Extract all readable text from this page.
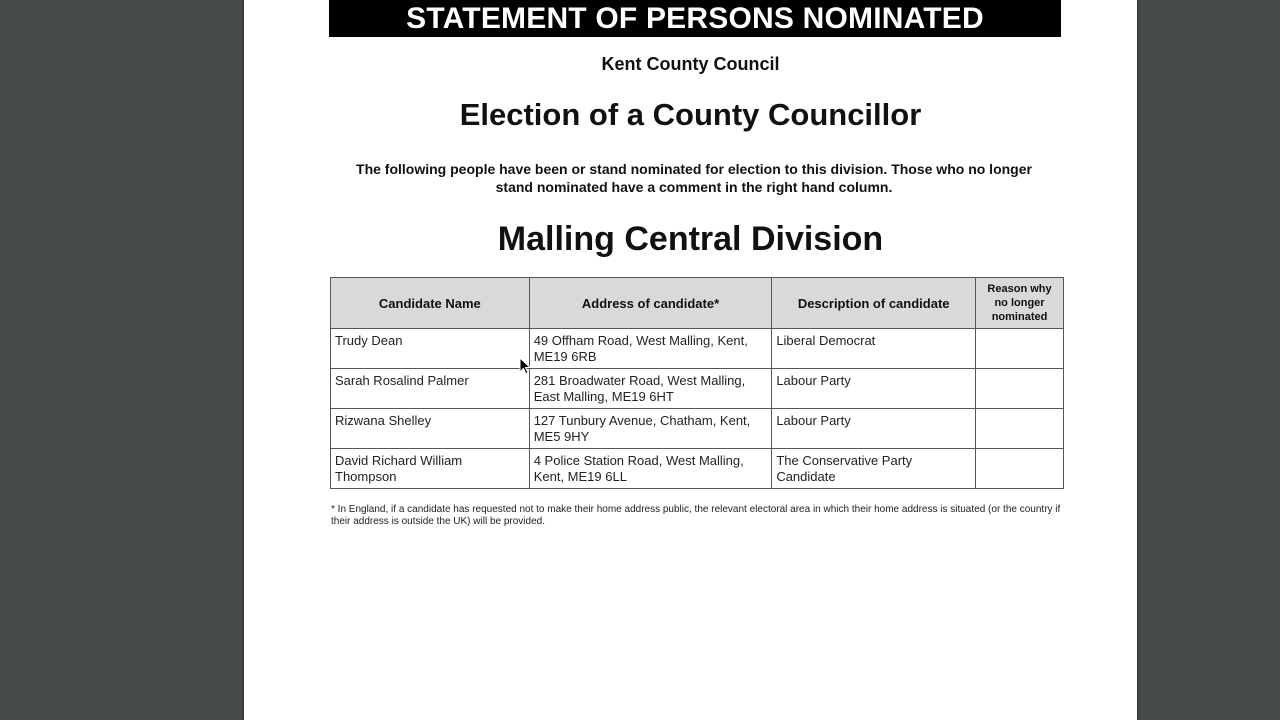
STATEMENT OF PERSONS NOMINATED
Kent County Council
Election of a County Councillor
The following people have been or stand nominated for election to this division. Those who no longer stand nominated have a comment in the right hand column.
Malling Central Division
Candidate Name	Address of candidate*	Description of candidate	Reason why no longer nominated
Trudy Dean	49 Offham Road, West Malling, Kent, ME19 6RB	Liberal Democrat	
Sarah Rosalind Palmer	281 Broadwater Road, West Malling, East Malling, ME19 6HT	Labour Party	
Rizwana Shelley	127 Tunbury Avenue, Chatham, Kent, ME5 9HY	Labour Party	
David Richard William Thompson	4 Police Station Road, West Malling, Kent, ME19 6LL	The Conservative Party Candidate	
* In England, if a candidate has requested not to make their home address public, the relevant electoral area in which their home address is situated (or the country if their address is outside the UK) will be provided.
